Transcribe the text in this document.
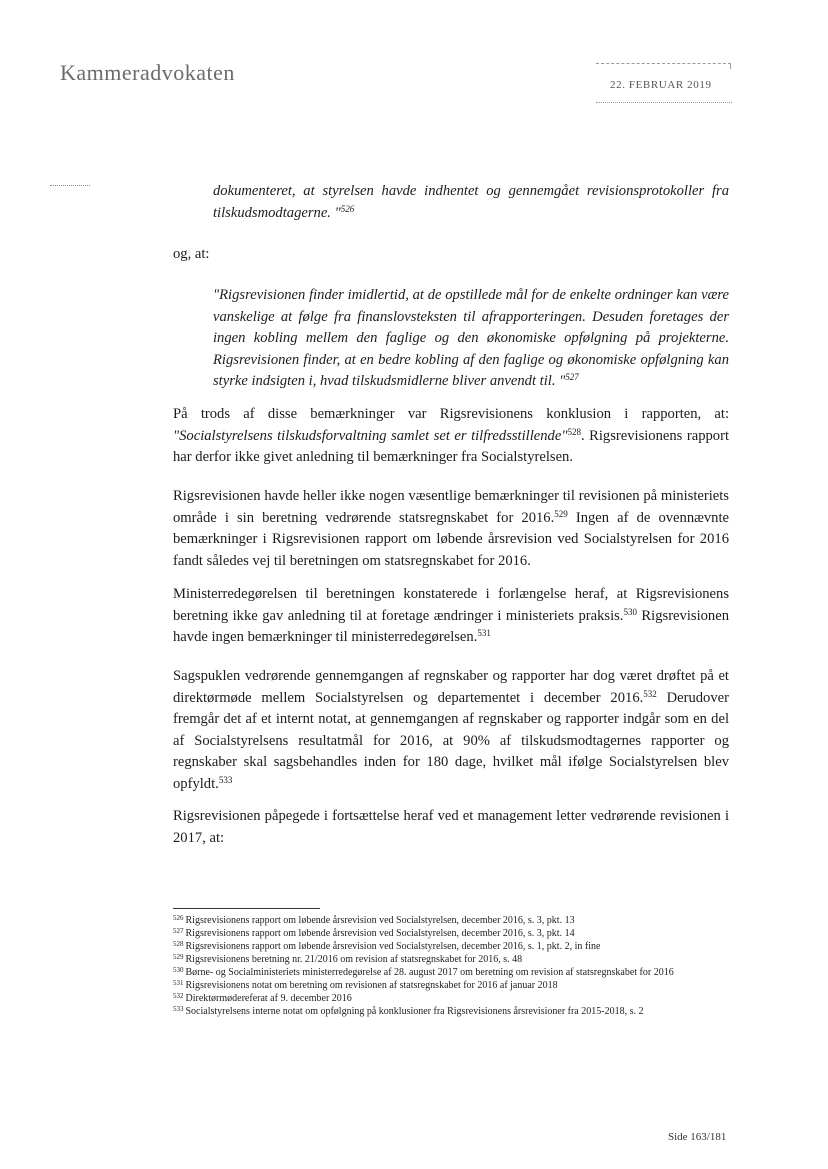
Kammeradvokaten	22. FEBRUAR 2019

dokumenteret, at styrelsen havde indhentet og gennemgået revisionsprotokoller fra tilskudsmodtagerne. "$^{526}$

og, at:

"Rigsrevisionen finder imidlertid, at de opstillede mål for de enkelte ordninger kan være vanskelige at følge fra finanslovsteksten til afrapporteringen. Desuden foretages der ingen kobling mellem den faglige og den økonomiske opfølgning på projekterne. Rigsrevisionen finder, at en bedre kobling af den faglige og økonomiske opfølgning kan styrke indsigten i, hvad tilskudsmidlerne bliver anvendt til. "$^{527}$

På trods af disse bemærkninger var Rigsrevisionens konklusion i rapporten, at: "Socialstyrelsens tilskudsforvaltning samlet set er tilfredsstillende"$^{528}$. Rigsrevisionens rapport har derfor ikke givet anledning til bemærkninger fra Socialstyrelsen.

Rigsrevisionen havde heller ikke nogen væsentlige bemærkninger til revisionen på ministeriets område i sin beretning vedrørende statsregnskabet for 2016.$^{529}$ Ingen af de ovennævnte bemærkninger i Rigsrevisionen rapport om løbende årsrevision ved Socialstyrelsen for 2016 fandt således vej til beretningen om statsregnskabet for 2016.

Ministerredegørelsen til beretningen konstaterede i forlængelse heraf, at Rigsrevisionens beretning ikke gav anledning til at foretage ændringer i ministeriets praksis.$^{530}$ Rigsrevisionen havde ingen bemærkninger til ministerredegørelsen.$^{531}$

Sagspuklen vedrørende gennemgangen af regnskaber og rapporter har dog været drøftet på et direktørmøde mellem Socialstyrelsen og departementet i december 2016.$^{532}$ Derudover fremgår det af et internt notat, at gennemgangen af regnskaber og rapporter indgår som en del af Socialstyrelsens resultatmål for 2016, at 90% af tilskudsmodtagernes rapporter og regnskaber skal sagsbehandles inden for 180 dage, hvilket mål ifølge Socialstyrelsen blev opfyldt.$^{533}$

Rigsrevisionen påpegede i fortsættelse heraf ved et management letter vedrørende revisionen i 2017, at:

$^{526}$ Rigsrevisionens rapport om løbende årsrevision ved Socialstyrelsen, december 2016, s. 3, pkt. 13
$^{527}$ Rigsrevisionens rapport om løbende årsrevision ved Socialstyrelsen, december 2016, s. 3, pkt. 14
$^{528}$ Rigsrevisionens rapport om løbende årsrevision ved Socialstyrelsen, december 2016, s. 1, pkt. 2, in fine
$^{529}$ Rigsrevisionens beretning nr. 21/2016 om revision af statsregnskabet for 2016, s. 48
$^{530}$ Børne- og Socialministeriets ministerredegørelse af 28. august 2017 om beretning om revision af statsregnskabet for 2016
$^{531}$ Rigsrevisionens notat om beretning om revisionen af statsregnskabet for 2016 af januar 2018
$^{532}$ Direktørmødereferat af 9. december 2016
$^{533}$ Socialstyrelsens interne notat om opfølgning på konklusioner fra Rigsrevisionens årsrevisioner fra 2015-2018, s. 2
Side 163/181
